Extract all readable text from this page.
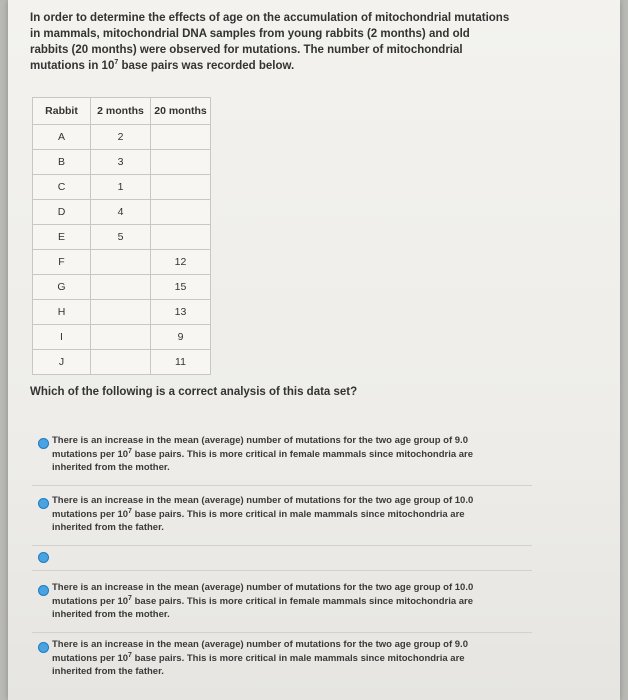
In order to determine the effects of age on the accumulation of mitochondrial mutations in mammals, mitochondrial DNA samples from young rabbits (2 months) and old rabbits (20 months) were observed for mutations. The number of mitochondrial mutations in $10^7$ base pairs was recorded below.
Rabbit	2 months	20 months
A	2	
B	3	
C	1	
D	4	
E	5	
F		12
G		15
H		13
I		9
J		11
Which of the following is a correct analysis of this data set?
There is an increase in the mean (average) number of mutations for the two age group of 9.0 mutations per $10^7$ base pairs. This is more critical in female mammals since mitochondria are inherited from the mother.
There is an increase in the mean (average) number of mutations for the two age group of 10.0 mutations per $10^7$ base pairs. This is more critical in male mammals since mitochondria are inherited from the father.
There is an increase in the mean (average) number of mutations for the two age group of 10.0 mutations per $10^7$ base pairs. This is more critical in female mammals since mitochondria are inherited from the mother.
There is an increase in the mean (average) number of mutations for the two age group of 9.0 mutations per $10^7$ base pairs. This is more critical in male mammals since mitochondria are inherited from the father.
